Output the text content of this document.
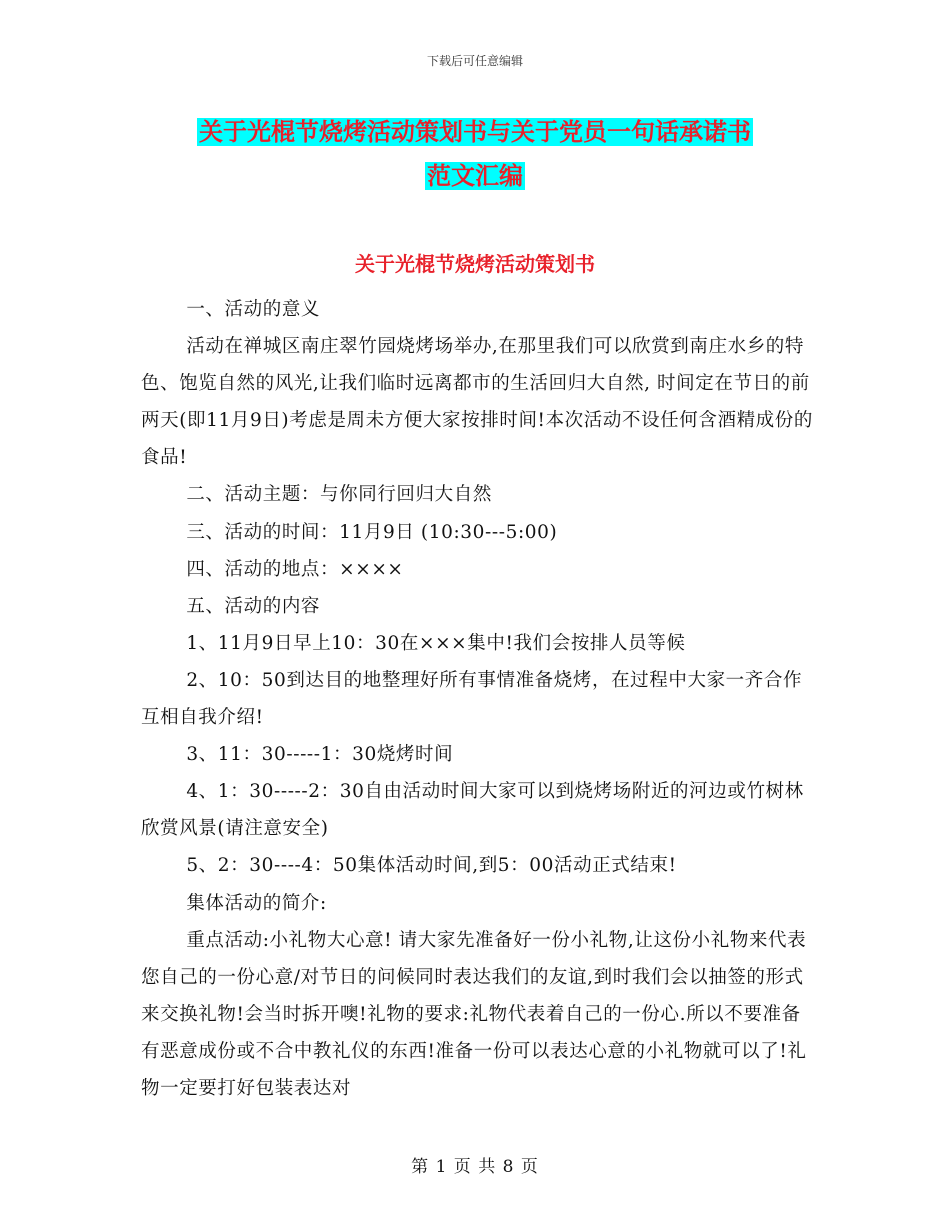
下载后可任意编辑
关于光棍节烧烤活动策划书与关于党员一句话承诺书
范文汇编
关于光棍节烧烤活动策划书

一、活动的意义

活动在禅城区南庄翠竹园烧烤场举办,在那里我们可以欣赏到南庄水乡的特色、饱览自然的风光,让我们临时远离都市的生活回归大自然, 时间定在节日的前两天(即11月9日)考虑是周未方便大家按排时间!本次活动不设任何含酒精成份的食品!

二、活动主题：与你同行回归大自然

三、活动的时间：11月9日 (10:30---5:00)

四、活动的地点：××××

五、活动的内容

1、11月9日早上10：30在×××集中!我们会按排人员等候

2、10：50到达目的地整理好所有事情准备烧烤，在过程中大家一齐合作互相自我介绍!

3、11：30-----1：30烧烤时间

4、1：30-----2：30自由活动时间大家可以到烧烤场附近的河边或竹树林欣赏风景(请注意安全)

5、2：30----4：50集体活动时间,到5：00活动正式结束!

集体活动的简介:

重点活动:小礼物大心意! 请大家先准备好一份小礼物,让这份小礼物来代表您自己的一份心意/对节日的问候同时表达我们的友谊,到时我们会以抽签的形式来交换礼物!会当时拆开噢!礼物的要求:礼物代表着自己的一份心.所以不要准备有恶意成份或不合中教礼仪的东西!准备一份可以表达心意的小礼物就可以了!礼物一定要打好包装表达对

第 1 页 共 8 页
